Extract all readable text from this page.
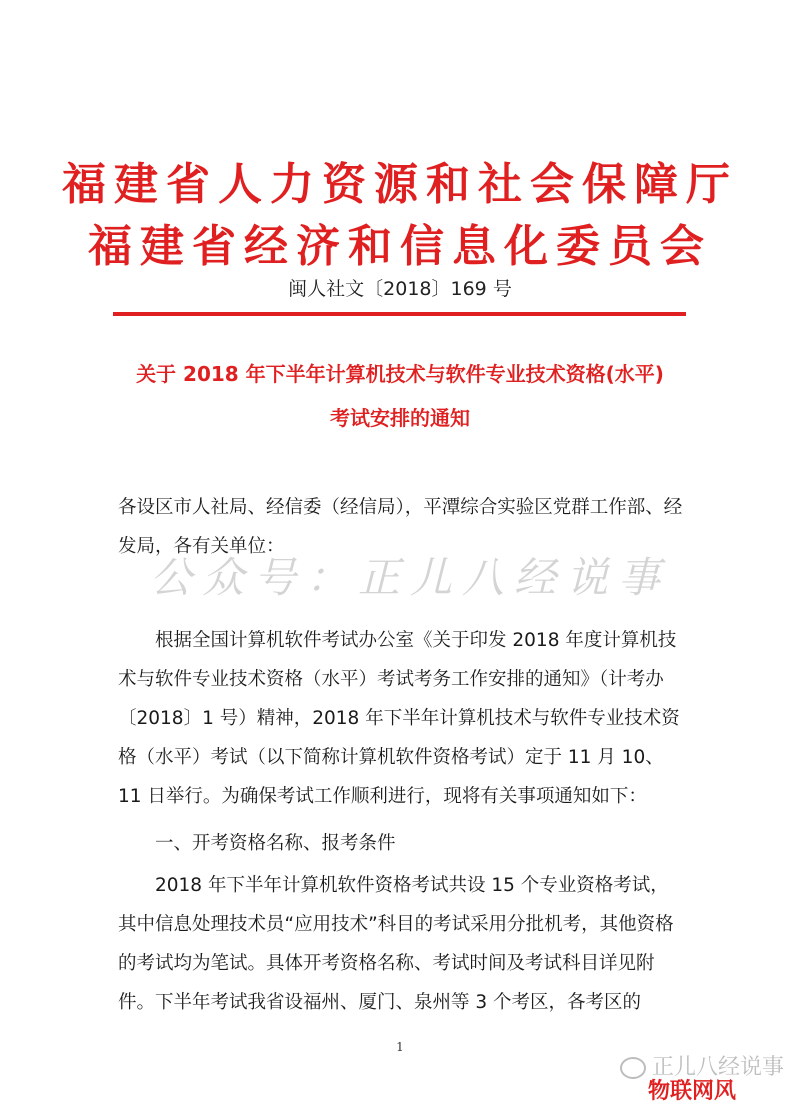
公众号：正儿八经说事
福建省人力资源和社会保障厅
福建省经济和信息化委员会
闽人社文〔2018〕169 号
关于 2018 年下半年计算机技术与软件专业技术资格(水平)
考试安排的通知
各设区市人社局、经信委（经信局），平潭综合实验区党群工作部、经发局，各有关单位：
根据全国计算机软件考试办公室《关于印发 2018 年度计算机技术与软件专业技术资格（水平）考试考务工作安排的通知》（计考办〔2018〕1 号）精神，2018 年下半年计算机技术与软件专业技术资格（水平）考试（以下简称计算机软件资格考试）定于 11 月 10、11 日举行。为确保考试工作顺利进行，现将有关事项通知如下：
一、开考资格名称、报考条件
2018 年下半年计算机软件资格考试共设 15 个专业资格考试，其中信息处理技术员“应用技术”科目的考试采用分批机考，其他资格的考试均为笔试。具体开考资格名称、考试时间及考试科目详见附件。下半年考试我省设福州、厦门、泉州等 3 个考区，各考区的
1
正儿八经说事
物联网风
